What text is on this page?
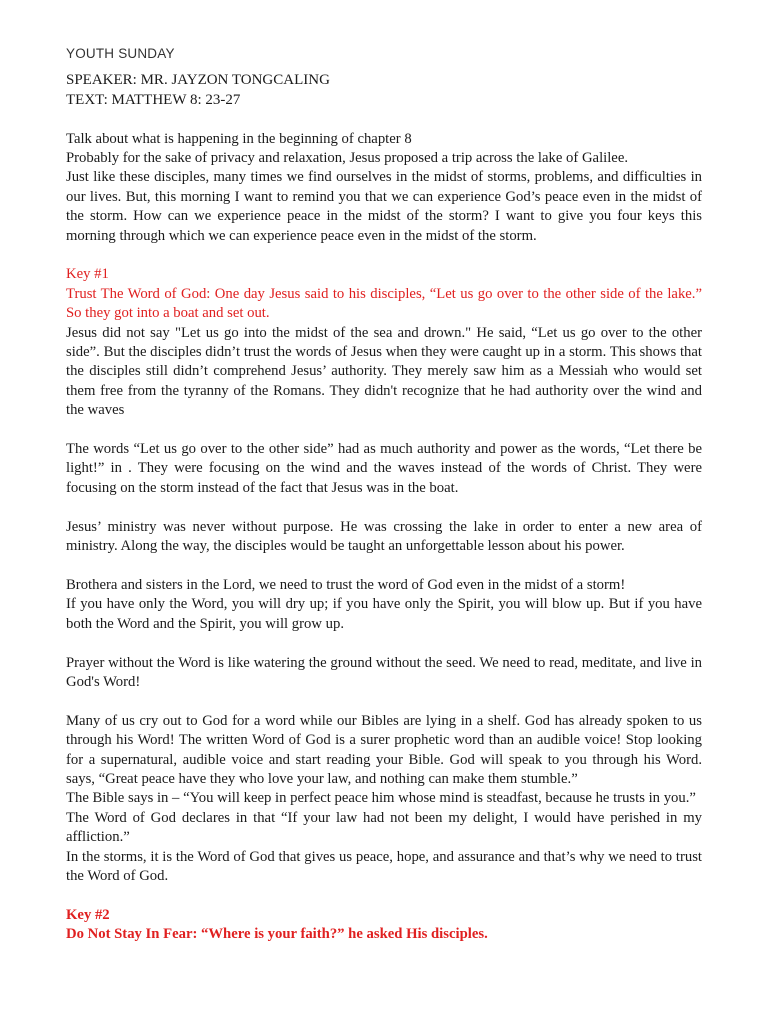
YOUTH SUNDAY
SPEAKER: MR. JAYZON TONGCALING
TEXT: MATTHEW 8: 23-27

Talk about what is happening in the beginning of chapter 8

Probably for the sake of privacy and relaxation, Jesus proposed a trip across the lake of Galilee.

Just like these disciples, many times we find ourselves in the midst of storms, problems, and difficulties in our lives. But, this morning I want to remind you that we can experience God’s peace even in the midst of the storm. How can we experience peace in the midst of the storm? I want to give you four keys this morning through which we can experience peace even in the midst of the storm.

Key #1

Trust The Word of God: One day Jesus said to his disciples, “Let us go over to the other side of the lake.” So they got into a boat and set out.

Jesus did not say "Let us go into the midst of the sea and drown." He said, “Let us go over to the other side”. But the disciples didn’t trust the words of Jesus when they were caught up in a storm. This shows that the disciples still didn’t comprehend Jesus’ authority. They merely saw him as a Messiah who would set them free from the tyranny of the Romans. They didn't recognize that he had authority over the wind and the waves

The words “Let us go over to the other side” had as much authority and power as the words, “Let there be light!” in . They were focusing on the wind and the waves instead of the words of Christ. They were focusing on the storm instead of the fact that Jesus was in the boat.

Jesus’ ministry was never without purpose. He was crossing the lake in order to enter a new area of ministry. Along the way, the disciples would be taught an unforgettable lesson about his power.

Brothera and sisters in the Lord, we need to trust the word of God even in the midst of a storm!

If you have only the Word, you will dry up; if you have only the Spirit, you will blow up. But if you have both the Word and the Spirit, you will grow up.

Prayer without the Word is like watering the ground without the seed. We need to read, meditate, and live in God's Word!

Many of us cry out to God for a word while our Bibles are lying in a shelf. God has already spoken to us through his Word! The written Word of God is a surer prophetic word than an audible voice! Stop looking for a supernatural, audible voice and start reading your Bible. God will speak to you through his Word. says, “Great peace have they who love your law, and nothing can make them stumble.”

The Bible says in – “You will keep in perfect peace him whose mind is steadfast, because he trusts in you.”

The Word of God declares in that “If your law had not been my delight, I would have perished in my affliction.”

In the storms, it is the Word of God that gives us peace, hope, and assurance and that’s why we need to trust the Word of God.

Key #2

Do Not Stay In Fear: “Where is your faith?” he asked His disciples.
